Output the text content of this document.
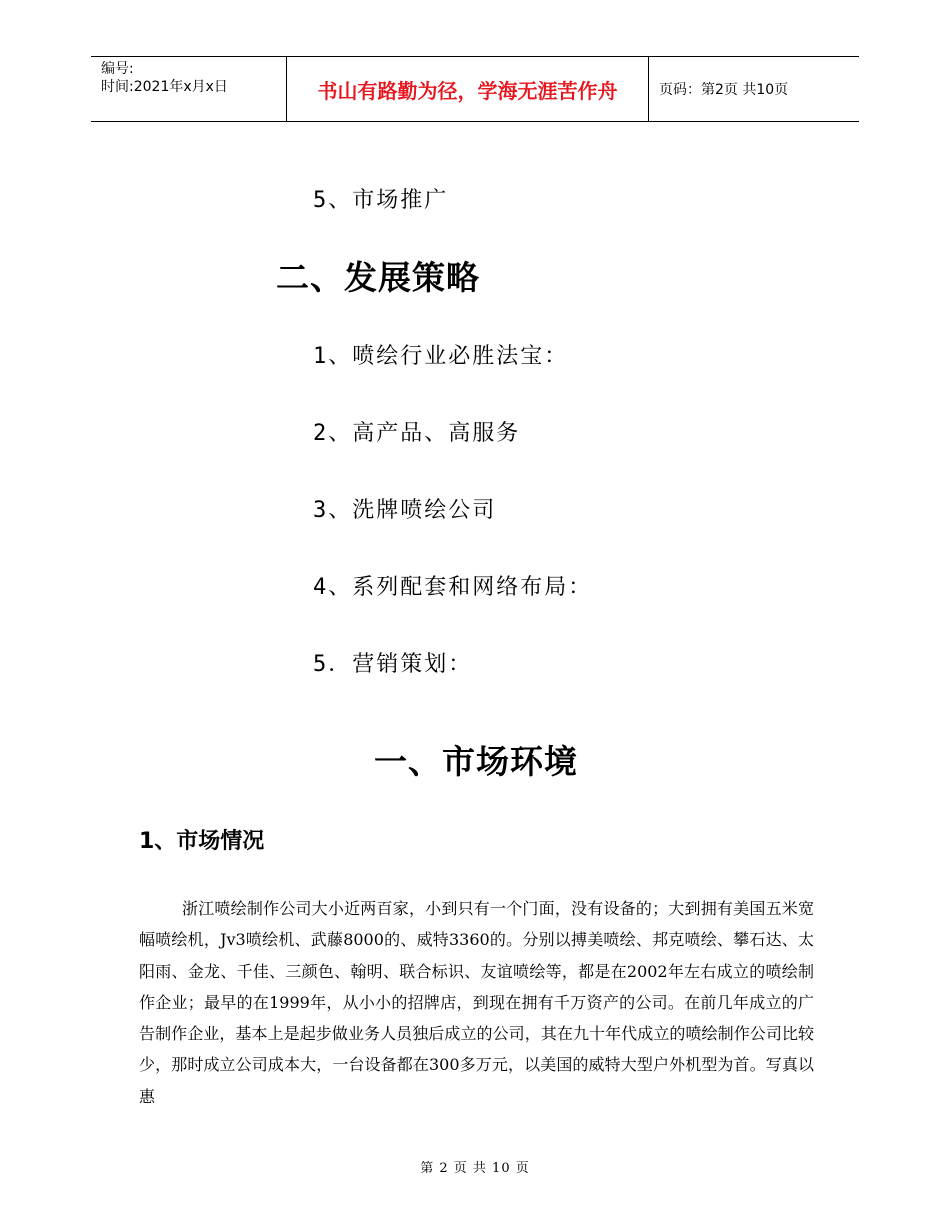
编号:
时间:2021年x月x日	书山有路勤为径，学海无涯苦作舟	页码：第2页 共10页
5、市场推广
二、发展策略
1、喷绘行业必胜法宝：
2、高产品、高服务
3、洗牌喷绘公司
4、系列配套和网络布局：
5．营销策划：
一、市场环境
1、市场情况

浙江喷绘制作公司大小近两百家，小到只有一个门面，没有设备的；大到拥有美国五米宽幅喷绘机，Jv3喷绘机、武藤8000的、威特3360的。分别以搏美喷绘、邦克喷绘、攀石达、太阳雨、金龙、千佳、三颜色、翰明、联合标识、友谊喷绘等，都是在2002年左右成立的喷绘制作企业；最早的在1999年，从小小的招牌店，到现在拥有千万资产的公司。在前几年成立的广告制作企业，基本上是起步做业务人员独后成立的公司，其在九十年代成立的喷绘制作公司比较少，那时成立公司成本大，一台设备都在300多万元，以美国的威特大型户外机型为首。写真以惠

第 2 页 共 10 页
